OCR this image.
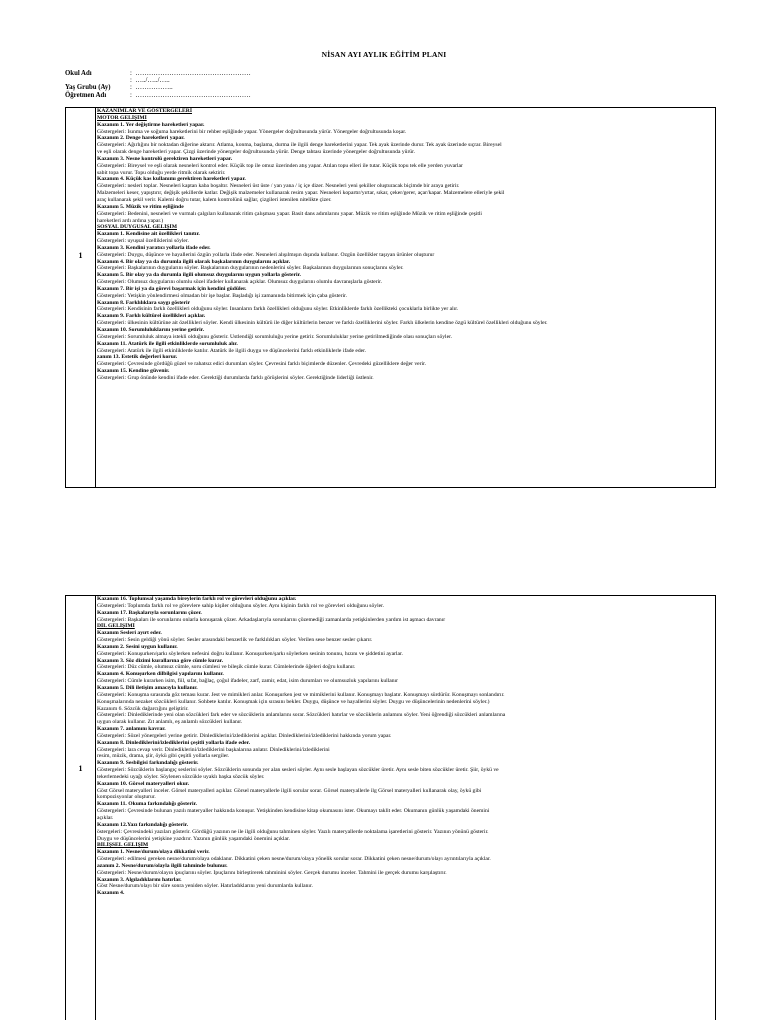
NİSAN AYI AYLIK EĞİTİM PLANI
Okul Adı	:  ……………………………………………
:  …../…../…..
Yaş Grubu (Ay)	:  ……………..
Öğretmen Adı	:  ……………………………………………
1
KAZANIMLAR VE GÖSTERGELERİ
MOTOR GELİŞİMİ
Kazanım 1. Yer değiştirme hareketleri yapar.
Göstergeleri: Isınma ve soğuma hareketlerini bir rehber eşliğinde yapar. Yönergeler doğrultusunda yürür. Yönergeler doğrultusunda koşar.
Kazanım 2. Denge hareketleri yapar.
Göstergeleri: Ağırlığını bir noktadan diğerine aktarır. Atlama, konma, başlama, durma ile ilgili denge hareketlerini yapar. Tek ayak üzerinde durur. Tek ayak üzerinde sıçrar. Bireysel
ve eşli olarak denge hareketleri yapar. Çizgi üzerinde yönergeler doğrultusunda yürür. Denge tahtası üzerinde yönergeler doğrultusunda yürür.
Kazanım 3. Nesne kontrolü gerektiren hareketleri yapar.
Göstergeleri: Bireysel ve eşli olarak nesneleri kontrol eder. Küçük top ile omuz üzerinden atış yapar. Atılan topu elleri ile tutar. Küçük topu tek elle yerden yuvarlar
sabit topa vurur. Topu olduğu yerde ritmik olarak sektirir.
Kazanım 4. Küçük kas kullanımı gerektiren hareketleri yapar.
Göstergeleri: nesleri toplar. Nesneleri kaptan kaba boşaltır. Nesneleri üst üste / yan yana / iç içe dizer. Nesneleri yeni şekiller oluşturacak biçimde bir araya getirir.
Malzemeleri keser, yapıştırır, değişik şekillerde katlar. Değişik malzemeler kullanarak resim yapar. Nesneleri kopartır/yırtar, sıkar, çeker/gerer, açar/kapar. Malzemelere elleriyle şekil
araç kullanarak şekil verir. Kalemi doğru tutar, kalem kontrolünü sağlar, çizgileri istenilen nitelikte çizer.
Kazanım 5. Müzik ve ritim eşliğinde
Göstergeleri: Bedenini, nesneleri ve vurmalı çalgıları kullanarak ritim çalışması yapar. Basit dans adımlarını yapar. Müzik ve ritim eşliğinde Müzik ve ritim eşliğinde çeşitli
hareketleri ardı ardına yapar.)
SOSYAL DUYGUSAL GELİŞİM
Kazanım 1. Kendisine ait özellikleri tanıtır.
Göstergeleri: uyuşsal özelliklerini söyler.
Kazanım 3. Kendini yaratıcı yollarla ifade eder.
Göstergeleri: Duygu, düşünce ve hayallerini özgün yollarla ifade eder. Nesneleri alışılmışın dışında kullanır. Özgün özellikler taşıyan ürünler oluşturur
Kazanım 4. Bir olay ya da durumla ilgili olarak başkalarının duygularını açıklar.
Göstergeleri: Başkalarının duygularını söyler. Başkalarının duygularının nedenlerini söyler. Başkalarının duygularının sonuçlarını söyler.
Kazanım 5. Bir olay ya da durumla ilgili olumsuz duygularını uygun yollarla gösterir.
Göstergeleri: Olumsuz duygularını olumlu sözel ifadeler kullanarak açıklar. Olumsuz duygularını olumlu davranışlarla gösterir.
Kazanım 7. Bir işi ya da görevi başarmak için kendini güdüler.
Göstergeleri: Yetişkin yönlendirmesi olmadan bir işe başlar. Başladığı işi zamanında bitirmek için çaba gösterir.
Kazanım 8. Farklılıklara saygı gösterir
Göstergeleri: Kendisinin farklı özellikleri olduğunu söyler. İnsanların farklı özellikleri olduğunu söyler. Etkinliklerde farklı özellikteki çocuklarla birlikte yer alır.
Kazanım 9. Farklı kültürel özellikleri açıklar.
Göstergeleri: ülkesinin kültürüne ait özellikleri söyler. Kendi ülkesinin kültürü ile diğer kültürlerin benzer ve farklı özelliklerini söyler. Farklı ülkelerin kendine özgü kültürel özellikleri olduğunu söyler.
Kazanım 10. Sorumluluklarını yerine getirir.
Göstergeleri: Sorumluluk almaya istekli olduğunu gösterir. Üstlendiği sorumluluğu yerine getirir. Sorumluluklar yerine getirilmediğinde olası sonuçları söyler.
Kazanım 11. Atatürk ile ilgili etkinliklerde sorumluluk alır.
Göstergeleri: Atatürk ile ilgili etkinliklerde katılır. Atatürk ile ilgili duygu ve düşüncelerini farklı etkinliklerle ifade eder.
zanım 13. Estetik değerleri korur.
Göstergeleri: Çevresinde gördüğü güzel ve rahatsız edici durumları söyler. Çevresini farklı biçimlerde düzenler. Çevredeki güzelliklere değer verir.
Kazanım 15. Kendine güvenir.
Göstergeleri: Grup önünde kendini ifade eder. Gerektiği durumlarda farklı görüşlerini söyler. Gerektiğinde liderliği üstlenir.
1
Kazanım 16. Toplumsal yaşamda bireylerin farklı rol ve görevleri olduğunu açıklar.
Göstergeleri: Toplumda farklı rol ve görevlere sahip kişiler olduğunu söyler. Aynı kişinin farklı rol ve görevleri olduğunu söyler.
Kazanım 17. Başkalarıyla sorunlarını çözer.
Göstergeleri: Başkaları ile sorunlarını onlarla konuşarak çözer. Arkadaşlarıyla sorunlarını çözemediği zamanlarda yetişkinlerden yardım ist aşmacı davranır
DİL GELİŞİMİ
Kazanım Sesleri ayırt eder.
Göstergeleri: Sesin geldiği yönü söyler. Sesler arasındaki benzerlik ve farklılıkları söyler. Verilen sese benzer sesler çıkarır.
Kazanım 2. Sesini uygun kullanır.
Göstergeleri: Konuşurken/şarkı söylerken nefesini doğru kullanır. Konuşurken/şarkı söylerken sesinin tonunu, hızını ve şiddetini ayarlar.
Kazanım 3. Söz dizimi kurallarına göre cümle kurar.
Göstergeleri: Düz cümle, olumsuz cümle, soru cümlesi ve bileşik cümle kurar. Cümlelerinde öğeleri doğru kullanır.
Kazanım 4. Konuşurken dilbilgisi yapılarını kullanır.
Göstergeleri: Cümle kurarken isim, fiil, sıfat, bağlaç, çoğul ifadeler, zarf, zamir, edat, isim durumları ve olumsuzluk yapılarını kullanır
Kazanım 5. Dili iletişim amacıyla kullanır.
Göstergeleri: Konuşma sırasında göz teması kurar. Jest ve mimikleri anlar. Konuşurken jest ve mimiklerini kullanır. Konuşmayı başlatır. Konuşmayı sürdürür. Konuşmayı sonlandırır.
Konuşmalarında nezaket sözcükleri kullanır. Sohbete katılır. Konuşmak için sırasını bekler. Duygu, düşünce ve hayallerini söyler. Duygu ve düşüncelerinin nedenlerini söyler.)
Kazanım 6. Sözcük dağarcığını geliştirir.
Göstergeleri: Dinlediklerinde yeni olan sözcükleri fark eder ve sözcüklerin anlamlarını sorar. Sözcükleri hatırlar ve sözcüklerin anlamını söyler. Yeni öğrendiği sözcükleri anlamlarına
uygun olarak kullanır. Zıt anlamlı, eş anlamlı sözcükleri kullanır.
Kazanım 7. anlamını kavrar.
Göstergeleri: Sözel yönergeleri yerine getirir. Dinlediklerini/izlediklerini açıklar. Dinlediklerini/izlediklerini hakkında yorum yapar.
Kazanım 8. Dinlediklerini/izlediklerini çeşitli yollarla ifade eder.
Göstergeleri: lara cevap verir. Dinlediklerini/izlediklerini başkalarına anlatır. Dinlediklerini/izlediklerini
resim, müzik, drama, şiir, öykü gibi çeşitli yollarla sergiler.
Kazanım 9. Sesbilgisi farkındalığı gösterir.
Göstergeleri: Sözcüklerin başlangıç seslerini söyler. Sözcüklerin sonunda yer alan sesleri söyler. Aynı sesle başlayan sözcükler üretir. Aynı sesle biten sözcükler üretir. Şiir, öykü ve
tekerlemedeki uyağı söyler. Söylenen sözcükle uyaklı başka sözcük söyler.
Kazanım 10. Görsel materyalleri okur.
Göst Görsel materyalleri inceler. Görsel materyalleri açıklar. Görsel materyallerle ilgili sorular sorar. Görsel materyallerle ilg Görsel materyalleri kullanarak olay, öykü gibi
kompozisyonlar oluşturur.
Kazanım 11. Okuma farkındalığı gösterir.
Göstergeleri: Çevresinde bulunan yazılı materyaller hakkında konuşur. Yetişkinden kendisine kitap okumasını ister. Okumayı taklit eder. Okumanın günlük yaşamdaki önemini
açıklar.
Kazanım 12.Yazı farkındalığı gösterir.
östergeleri: Çevresindeki yazıları gösterir. Gördüğü yazının ne ile ilgili olduğunu tahminen söyler. Yazılı materyallerde noktalama işaretlerini gösterir. Yazının yönünü gösterir.
Duygu ve düşüncelerini yetişkine yazdırır. Yazının günlük yaşamdaki önemini açıklar.
BİLİŞSEL GELİŞİM
Kazanım 1. Nesne/durum/olaya dikkatini verir.
Göstergeleri: edilmesi gereken nesne/durum/olaya odaklanır. Dikkatini çeken nesne/durum/olaya yönelik sorular sorar. Dikkatini çeken nesne/durum/olayı ayrıntılarıyla açıklar.
azanım 2. Nesne/durum/olayla ilgili tahminde bulunur.
Göstergeleri: Nesne/durum/olayın ipuçlarını söyler. İpuçlarını birleştirerek tahminini söyler. Gerçek durumu inceler. Tahmini ile gerçek durumu karşılaştırır.
Kazanım 3. Algıladıklarını hatırlar.
Göst Nesne/durum/olayı bir süre sonra yeniden söyler. Hatırladıklarını yeni durumlarda kullanır.
Kazanım 4.
